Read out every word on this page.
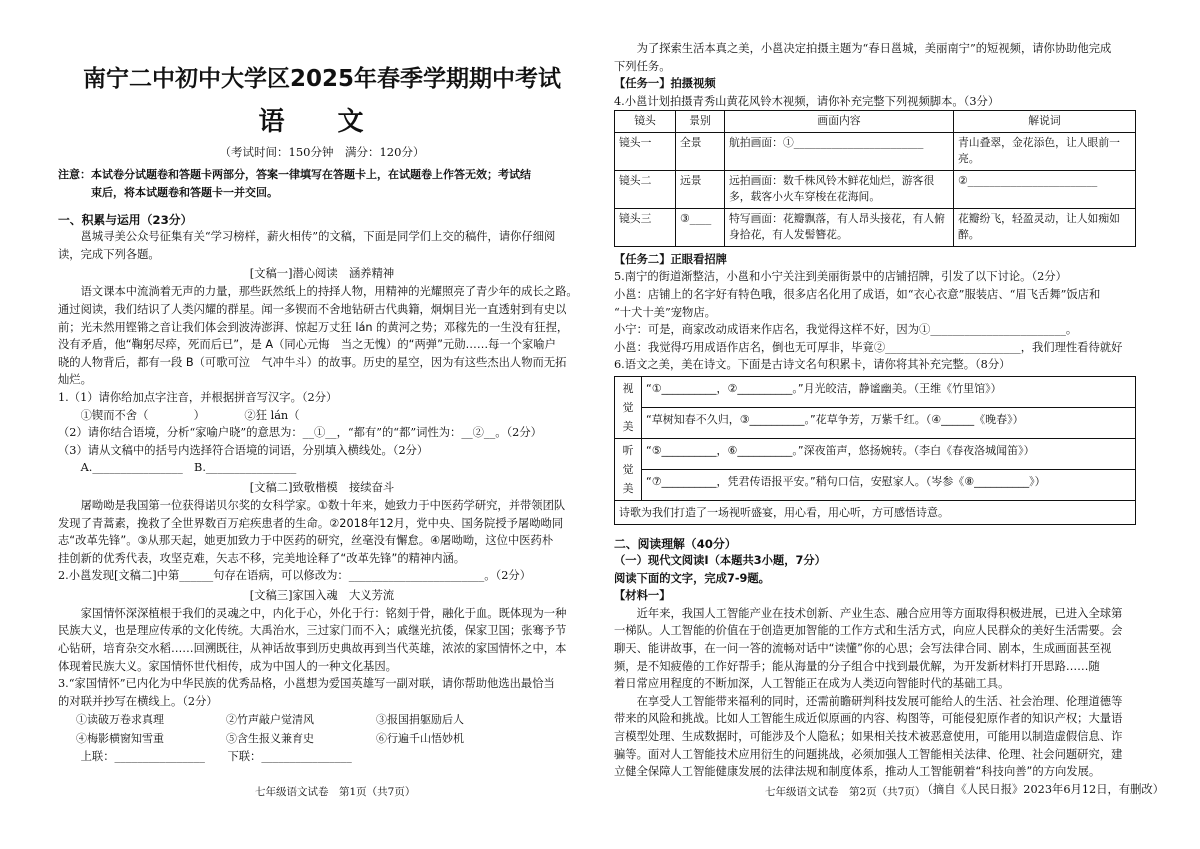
南宁二中初中大学区2025年春季学期期中考试
语 文
（考试时间：150分钟　满分：120分）

注意：本试卷分试题卷和答题卡两部分，答案一律填写在答题卡上，在试题卷上作答无效；考试结

束后，将本试题卷和答题卡一并交回。

一、积累与运用（23分）

邕城寻美公众号征集有关“学习榜样，薪火相传”的文稿，下面是同学们上交的稿件，请你仔细阅

读，完成下列各题。

[文稿一]潜心阅读　涵养精神

语文课本中流淌着无声的力量，那些跃然纸上的持择人物，用精神的光耀照亮了青少年的成长之路。

通过阅读，我们结识了人类闪耀的群星。闻一多锲而不舍地钻研古代典籍，炯炯目光一直透射到有史以

前；光未然用铿锵之音让我们体会到波涛澎湃、惊起万丈狂 lán 的黄河之势；邓稼先的一生没有狂捏，

没有矛盾，他“鞠躬尽瘁，死而后已”，是 A（同心元悔　当之无愧）的“两弹”元勋……每一个家喻户

晓的人物背后，都有一段 B（可歌可泣　气冲牛斗）的故事。历史的星空，因为有这些杰出人物而无拓

灿烂。

1.（1）请你给加点字注音，并根据拼音写汉字。（2分）

①锲而不舍（　　　　）　　　　②狂 lán（

（2）请你结合语境，分析“家喻户晓”的意思为：__①__，“都有”的“都”词性为：__②__。（2分）

（3）请从文稿中的括号内选择符合语境的词语，分别填入横线处。（2分）

A.________________　B.________________

[文稿二]致敬楷模　接续奋斗

屠呦呦是我国第一位获得诺贝尔奖的女科学家。①数十年来，她致力于中医药学研究，并带领团队

发现了青蒿素，挽救了全世界数百万疟疾患者的生命。②2018年12月，党中央、国务院授予屠呦呦同

志“改革先锋”。③从那天起，她更加致力于中医药的研究，丝毫没有懈怠。④屠呦呦，这位中医药朴

挂创新的优秀代表，攻坚克难，矢志不移，完美地诠释了“改革先锋”的精神内涵。

2.小邕发现[文稿二]中第______句存在语病，可以修改为：________________________。（2分）

[文稿三]家国入魂　大义芳流

家国情怀深深植根于我们的灵魂之中，内化于心，外化于行：铭刻于骨，融化于血。既体现为一种

民族大义，也是理应传承的文化传统。大禹治水，三过家门而不入；戚继光抗倭，保家卫国；张骞予节

心钻研，培育杂交水稻……回溯既往，从神话故事到历史典故再到当代英雄，浓浓的家国情怀之中，本

体现着民族大义。家国情怀世代相传，成为中国人的一种文化基因。

3.“家国情怀”已内化为中华民族的优秀品格，小邕想为爱国英雄写一副对联，请你帮助他选出最恰当

的对联并抄写在横线上。（2分）

①读破万卷求真理	②竹声敲户觉清风	③报国捐躯励后人
④梅影横窗知雪重	⑤含生报义兼育史	⑥行遍千山悟妙机

上联：________________　　下联：________________

七年级语文试卷　第1页（共7页）

为了探索生活本真之美，小邕决定拍摄主题为“春日邕城，美丽南宁”的短视频，请你协助他完成

下列任务。

【任务一】拍摄视频

4.小邕计划拍摄青秀山黄花风铃木视频，请你补充完整下列视频脚本。（3分）

镜头	景别	画面内容	解说词
镜头一	全景	航拍画面：①________________________	青山叠翠，金花添色，让人眼前一亮。
镜头二	远景	远拍画面：数千株风铃木鲜花灿烂，游客很多，载客小火车穿梭在花海间。	②________________________
镜头三	③____	特写画面：花瓣飘落，有人昂头接花，有人俯身拾花，有人发髻簪花。	花瓣纷飞，轻盈灵动，让人如痴如醉。

【任务二】正眼看招牌

5.南宁的街道渐整洁，小邕和小宁关注到美丽街景中的店铺招牌，引发了以下讨论。（2分）

小邕：店铺上的名字好有特色哦，很多店名化用了成语，如“衣心衣意”服装店、“眉飞舌舞”饭店和

“十犬十美”宠物店。

小宁：可是，商家改动成语来作店名，我觉得这样不好，因为①________________________。

小邕：我觉得巧用成语作店名，倒也无可厚非，毕竟②________________________，我们理性看待就好

6.语文之美，美在诗文。下面是古诗文名句积累卡，请你将其补充完整。（8分）

视觉美	“①__________，②__________。”月光皎洁，静谧幽美。（王维《竹里馆》）
	“草树知春不久归，③__________。”花草争芳，万紫千红。（④______《晚春》）
听觉美	“⑤__________，⑥__________。”深夜笛声，悠扬婉转。（李白《春夜洛城闻笛》）
	“⑦__________，凭君传语报平安。”稍句口信，安慰家人。（岑参《⑧__________》）
诗歌为我们打造了一场视听盛宴，用心看，用心听，方可感悟诗意。	
二、阅读理解（40分）

（一）现代文阅读Ⅰ（本题共3小题，7分）

阅读下面的文字，完成7-9题。

【材料一】

近年来，我国人工智能产业在技术创新、产业生态、融合应用等方面取得积极进展，已进入全球第

一梯队。人工智能的价值在于创造更加智能的工作方式和生活方式，向应人民群众的美好生活需要。会

聊天、能讲故事，在一问一答的流畅对话中“读懂”你的心思；会写法律合同、剧本，生成画面甚至视

频，是不知疲倦的工作好帮手；能从海量的分子组合中找到最优解，为开发新材料打开思路……随

着日常应用程度的不断加深，人工智能正在成为人类迈向智能时代的基础工具。

在享受人工智能带来福利的同时，还需前瞻研判科技发展可能给人的生活、社会治理、伦理道德等

带来的风险和挑战。比如人工智能生成近似原画的内容、构图等，可能侵犯原作者的知识产权；大量语

言模型处理、生成数据时，可能涉及个人隐私；如果相关技术被恶意使用，可能用以制造虚假信息、诈

骗等。面对人工智能技术应用衍生的问题挑战，必须加强人工智能相关法律、伦理、社会问题研究，建

立健全保障人工智能健康发展的法律法规和制度体系，推动人工智能朝着“科技向善”的方向发展。

（摘自《人民日报》2023年6月12日，有删改）

七年级语文试卷　第2页（共7页）
